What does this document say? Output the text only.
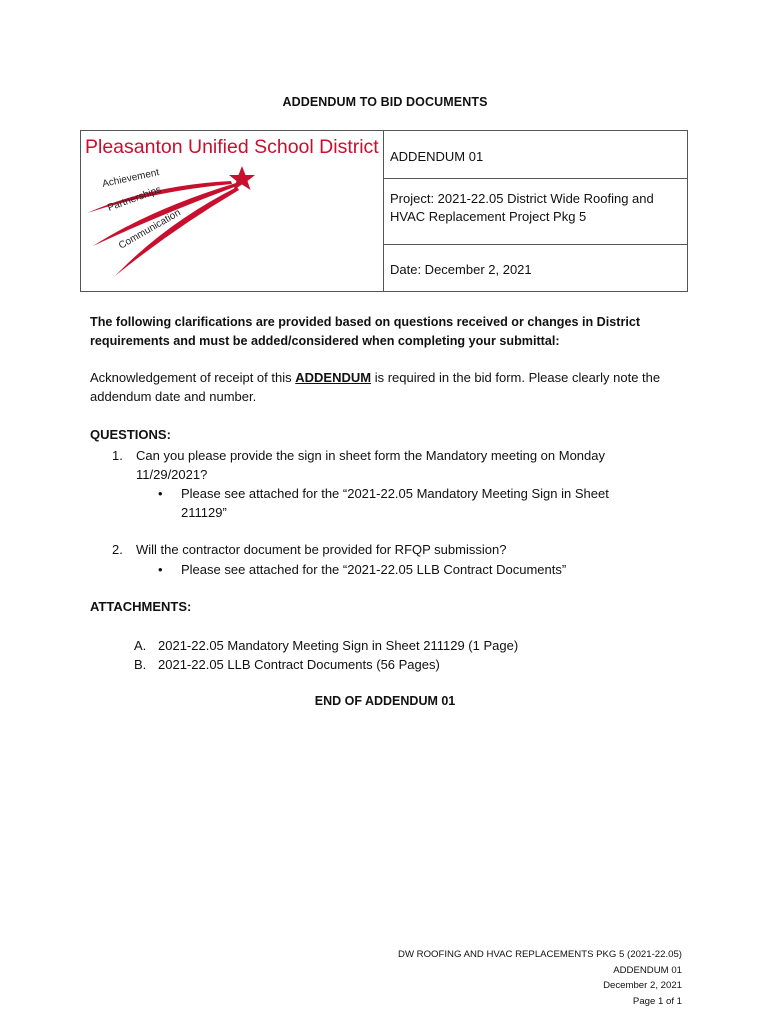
ADDENDUM TO BID DOCUMENTS
Pleasanton Unified School District
Achievement
Partnerships
Communication
ADDENDUM 01
Project: 2021-22.05 District Wide Roofing and
HVAC Replacement Project Pkg 5
Date: December 2, 2021
The following clarifications are provided based on questions received or changes in District requirements and must be added/considered when completing your submittal:
Acknowledgement of receipt of this ADDENDUM is required in the bid form. Please clearly note the addendum date and number.
QUESTIONS:
1. Can you please provide the sign in sheet form the Mandatory meeting on Monday 11/29/2021?
• Please see attached for the “2021-22.05 Mandatory Meeting Sign in Sheet 211129”
2. Will the contractor document be provided for RFQP submission?
• Please see attached for the “2021-22.05 LLB Contract Documents”
ATTACHMENTS:
A. 2021-22.05 Mandatory Meeting Sign in Sheet 211129 (1 Page)
B. 2021-22.05 LLB Contract Documents (56 Pages)
END OF ADDENDUM 01
DW ROOFING AND HVAC REPLACEMENTS PKG 5 (2021-22.05)
ADDENDUM 01
December 2, 2021
Page 1 of 1
